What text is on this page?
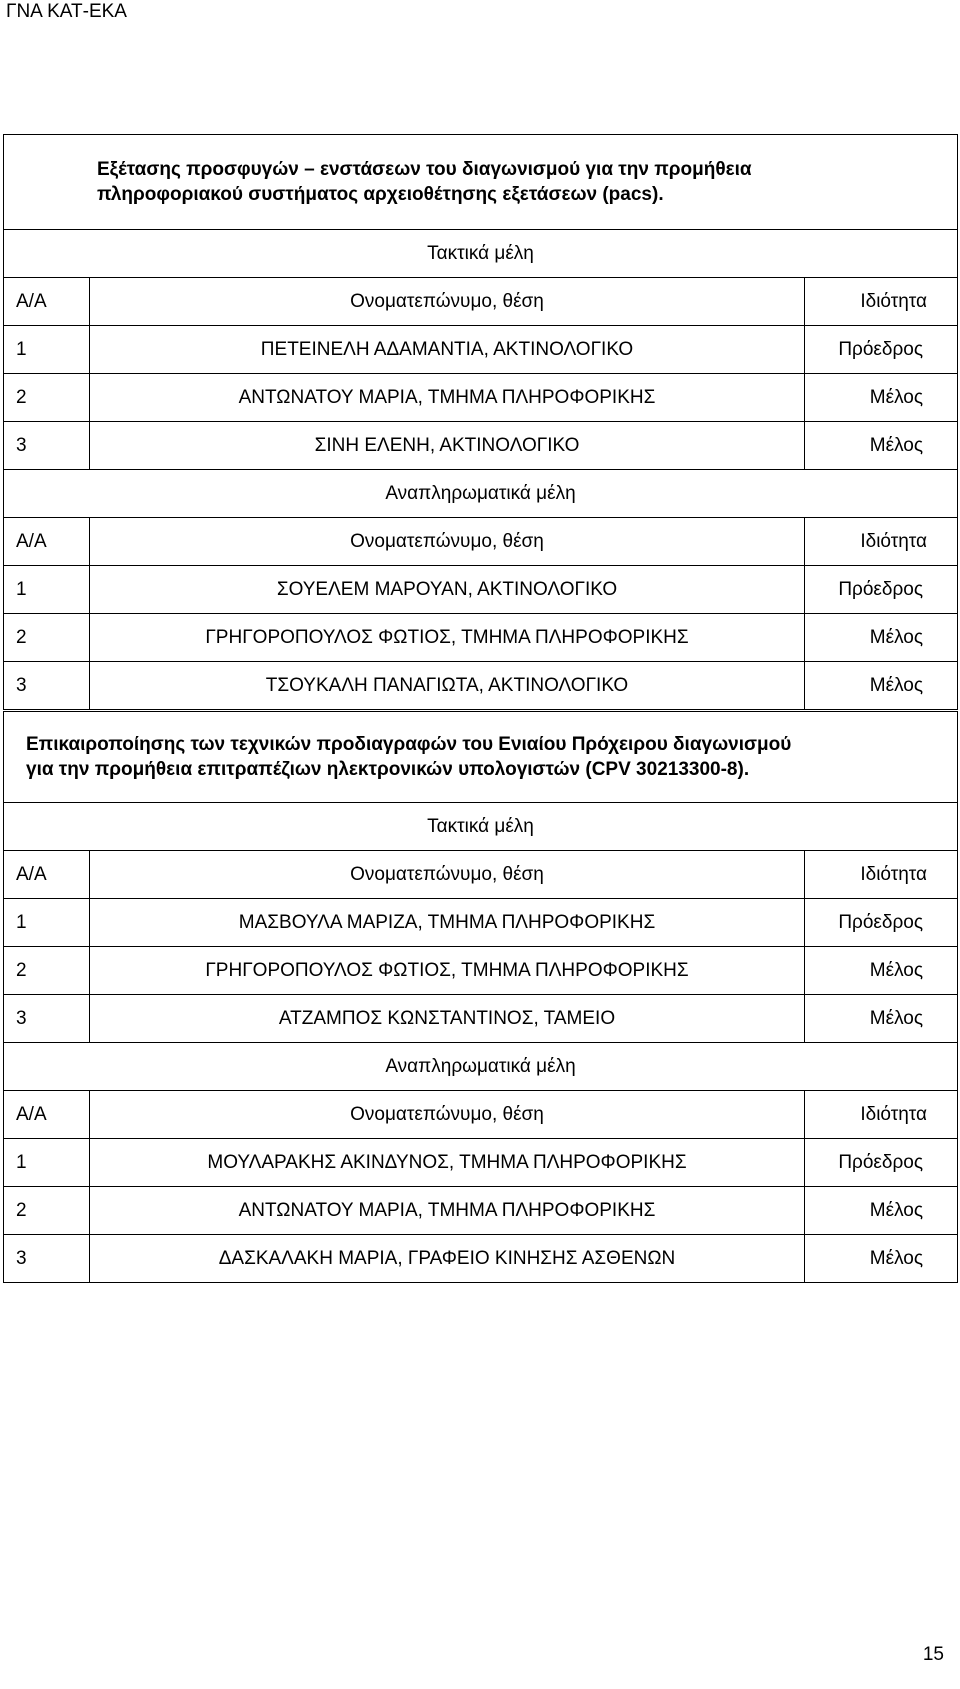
ΓΝΑ ΚΑΤ-ΕΚΑ
Εξέτασης προσφυγών – ενστάσεων του διαγωνισμού για την προμήθεια
πληροφοριακού συστήματος αρχειοθέτησης εξετάσεων (pacs).		

Τακτικά μέλη		
Α/Α	Ονοματεπώνυμο, θέση	Ιδιότητα
1	ΠΕΤΕΙΝΕΛΗ ΑΔΑΜΑΝΤΙΑ, ΑΚΤΙΝΟΛΟΓΙΚΟ	Πρόεδρος
2	ΑΝΤΩΝΑΤΟΥ ΜΑΡΙΑ, ΤΜΗΜΑ ΠΛΗΡΟΦΟΡΙΚΗΣ	Μέλος
3	ΣΙΝΗ ΕΛΕΝΗ, ΑΚΤΙΝΟΛΟΓΙΚΟ	Μέλος
Αναπληρωματικά μέλη		
Α/Α	Ονοματεπώνυμο, θέση	Ιδιότητα
1	ΣΟΥΕΛΕΜ ΜΑΡΟΥΑΝ, ΑΚΤΙΝΟΛΟΓΙΚΟ	Πρόεδρος
2	ΓΡΗΓΟΡΟΠΟΥΛΟΣ ΦΩΤΙΟΣ, ΤΜΗΜΑ ΠΛΗΡΟΦΟΡΙΚΗΣ	Μέλος
3	ΤΣΟΥΚΑΛΗ ΠΑΝΑΓΙΩΤΑ, ΑΚΤΙΝΟΛΟΓΙΚΟ	Μέλος
Επικαιροποίησης των τεχνικών προδιαγραφών του Ενιαίου Πρόχειρου διαγωνισμού
για την προμήθεια επιτραπέζιων ηλεκτρονικών υπολογιστών (CPV 30213300-8).		

Τακτικά μέλη		
Α/Α	Ονοματεπώνυμο, θέση	Ιδιότητα
1	ΜΑΣΒΟΥΛΑ ΜΑΡΙΖΑ, ΤΜΗΜΑ ΠΛΗΡΟΦΟΡΙΚΗΣ	Πρόεδρος
2	ΓΡΗΓΟΡΟΠΟΥΛΟΣ ΦΩΤΙΟΣ, ΤΜΗΜΑ ΠΛΗΡΟΦΟΡΙΚΗΣ	Μέλος
3	ΑΤΖΑΜΠΟΣ ΚΩΝΣΤΑΝΤΙΝΟΣ, ΤΑΜΕΙΟ	Μέλος
Αναπληρωματικά μέλη		
Α/Α	Ονοματεπώνυμο, θέση	Ιδιότητα
1	ΜΟΥΛΑΡΑΚΗΣ ΑΚΙΝΔΥΝΟΣ, ΤΜΗΜΑ ΠΛΗΡΟΦΟΡΙΚΗΣ	Πρόεδρος
2	ΑΝΤΩΝΑΤΟΥ ΜΑΡΙΑ, ΤΜΗΜΑ ΠΛΗΡΟΦΟΡΙΚΗΣ	Μέλος
3	ΔΑΣΚΑΛΑΚΗ ΜΑΡΙΑ, ΓΡΑΦΕΙΟ ΚΙΝΗΣΗΣ ΑΣΘΕΝΩΝ	Μέλος
15
